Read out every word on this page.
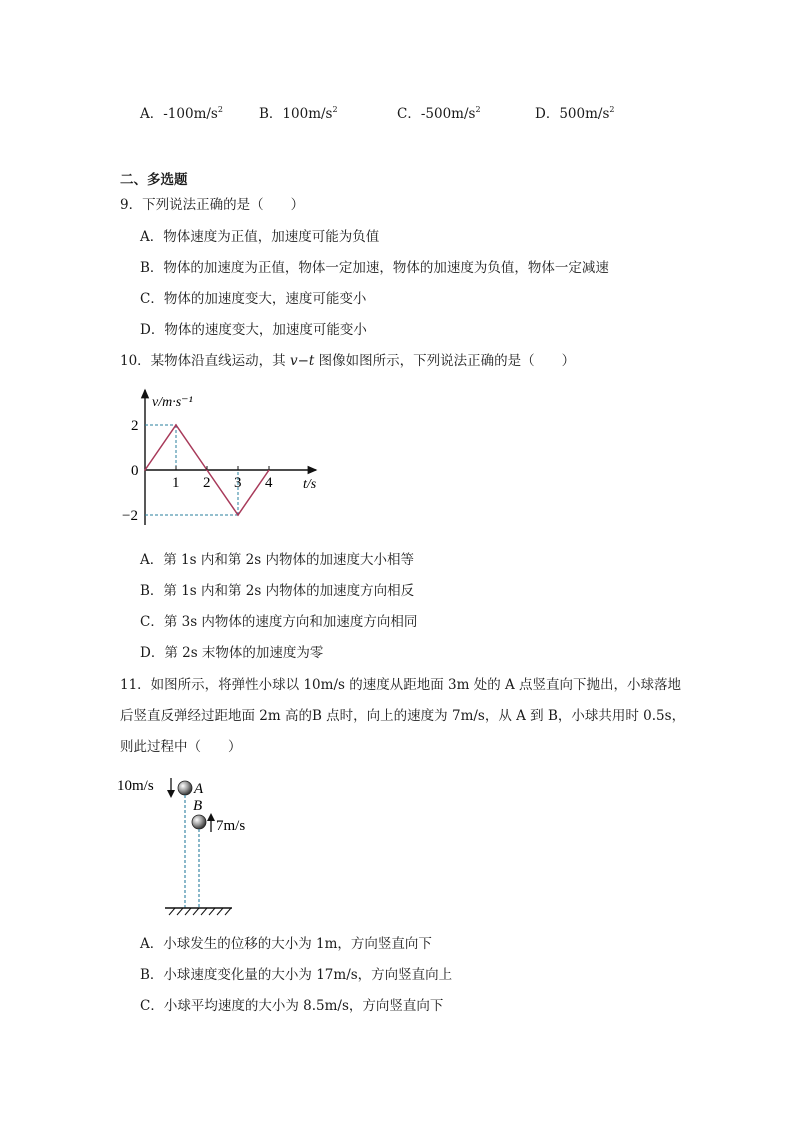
A．$-100m/s^2$	B．$100m/s^2$	C．$-500m/s^2$	D．$500m/s^2$
二、多选题
9．下列说法正确的是（　　）
A．物体速度为正值，加速度可能为负值
B．物体的加速度为正值，物体一定加速，物体的加速度为负值，物体一定减速
C．物体的加速度变大，速度可能变小
D．物体的速度变大，加速度可能变小
10．某物体沿直线运动，其 v−t 图像如图所示，下列说法正确的是（　　）
1 2 3 4
2
0
−2
v/m·s⁻¹
t/s
A．第 1s 内和第 2s 内物体的加速度大小相等
B．第 1s 内和第 2s 内物体的加速度方向相反
C．第 3s 内物体的速度方向和加速度方向相同
D．第 2s 末物体的加速度为零
11．如图所示，将弹性小球以 10m/s 的速度从距地面 3m 处的 A 点竖直向下抛出，小球落地
后竖直反弹经过距地面 2m 高的B 点时，向上的速度为 7m/s，从 A 到 B，小球共用时 0.5s，
则此过程中（　　）
10m/s	A
B
7m/s
A．小球发生的位移的大小为 1m，方向竖直向下
B．小球速度变化量的大小为 17m/s，方向竖直向上
C．小球平均速度的大小为 8.5m/s，方向竖直向下
